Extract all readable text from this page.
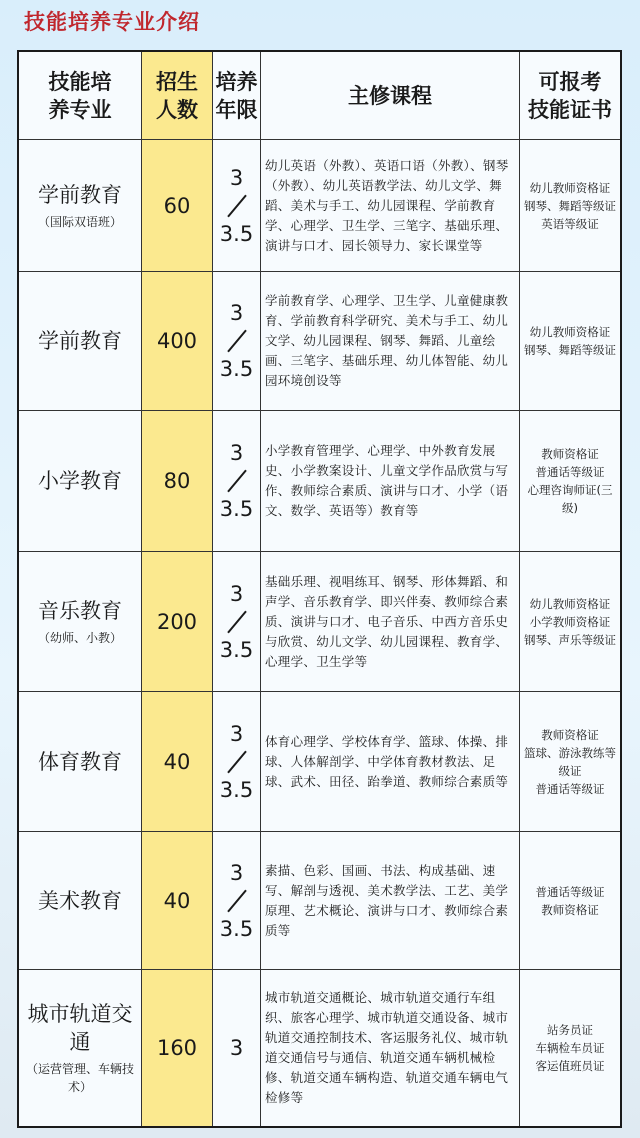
技能培养专业介绍
技能培
养专业
招生
人数
培养
年限
主修课程
可报考
技能证书
学前教育
（国际双语班）
60
3
3.5
幼儿英语（外教）、英语口语（外教）、钢琴（外教）、幼儿英语教学法、幼儿文学、舞蹈、美术与手工、幼儿园课程、学前教育学、心理学、卫生学、三笔字、基础乐理、演讲与口才、园长领导力、家长课堂等
幼儿教师资格证
钢琴、舞蹈等级证
英语等级证
学前教育 400
3
3.5
学前教育学、心理学、卫生学、儿童健康教育、学前教育科学研究、美术与手工、幼儿文学、幼儿园课程、钢琴、舞蹈、儿童绘画、三笔字、基础乐理、幼儿体智能、幼儿园环境创设等
幼儿教师资格证
钢琴、舞蹈等级证
小学教育 80
3
3.5
小学教育管理学、心理学、中外教育发展史、小学教案设计、儿童文学作品欣赏与写作、教师综合素质、演讲与口才、小学（语文、数学、英语等）教育等
教师资格证
普通话等级证
心理咨询师证(三级)
音乐教育
（幼师、小教）
200
3
3.5
基础乐理、视唱练耳、钢琴、形体舞蹈、和声学、音乐教育学、即兴伴奏、教师综合素质、演讲与口才、电子音乐、中西方音乐史与欣赏、幼儿文学、幼儿园课程、教育学、心理学、卫生学等
幼儿教师资格证
小学教师资格证
钢琴、声乐等级证
体育教育 40
3
3.5
体育心理学、学校体育学、篮球、体操、排球、人体解剖学、中学体育教材教法、足球、武术、田径、跆拳道、教师综合素质等
教师资格证
篮球、游泳教练等级证
普通话等级证
美术教育 40
3
3.5
素描、色彩、国画、书法、构成基础、速写、解剖与透视、美术教学法、工艺、美学原理、艺术概论、演讲与口才、教师综合素质等
普通话等级证
教师资格证
城市轨道交通
（运营管理、车辆技术）
160 3
城市轨道交通概论、城市轨道交通行车组织、旅客心理学、城市轨道交通设备、城市轨道交通控制技术、客运服务礼仪、城市轨道交通信号与通信、轨道交通车辆机械检修、轨道交通车辆构造、轨道交通车辆电气检修等
站务员证
车辆检车员证
客运值班员证
